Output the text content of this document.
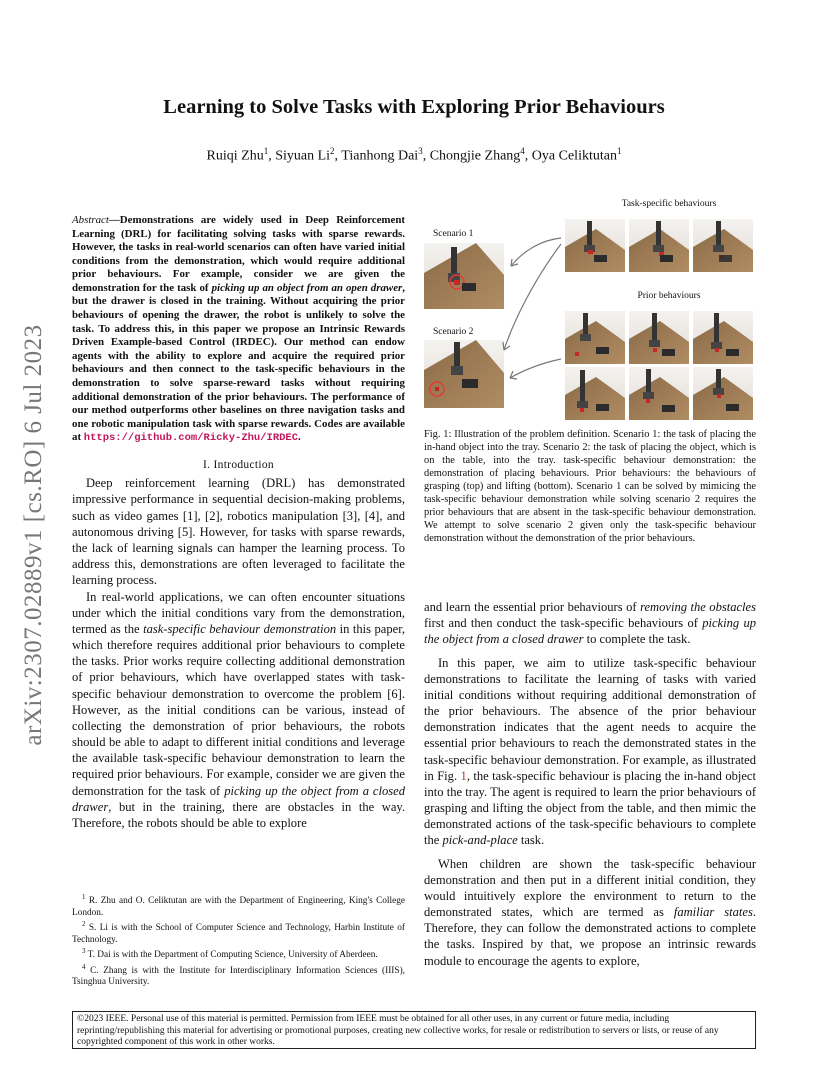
arXiv:2307.02889v1 [cs.RO] 6 Jul 2023
Learning to Solve Tasks with Exploring Prior Behaviours
Ruiqi Zhu$^1$, Siyuan Li$^2$, Tianhong Dai$^3$, Chongjie Zhang$^4$, Oya Celiktutan$^1$

Abstract—Demonstrations are widely used in Deep Reinforcement Learning (DRL) for facilitating solving tasks with sparse rewards. However, the tasks in real-world scenarios can often have varied initial conditions from the demonstration, which would require additional prior behaviours. For example, consider we are given the demonstration for the task of picking up an object from an open drawer, but the drawer is closed in the training. Without acquiring the prior behaviours of opening the drawer, the robot is unlikely to solve the task. To address this, in this paper we propose an Intrinsic Rewards Driven Example-based Control (IRDEC). Our method can endow agents with the ability to explore and acquire the required prior behaviours and then connect to the task-specific behaviours in the demonstration to solve sparse-reward tasks without requiring additional demonstration of the prior behaviours. The performance of our method outperforms other baselines on three navigation tasks and one robotic manipulation task with sparse rewards. Codes are available at https://github.com/Ricky-Zhu/IRDEC.

I. Introduction

Deep reinforcement learning (DRL) has demonstrated impressive performance in sequential decision-making problems, such as video games [1], [2], robotics manipulation [3], [4], and autonomous driving [5]. However, for tasks with sparse rewards, the lack of learning signals can hamper the learning process. To address this, demonstrations are often leveraged to facilitate the learning process.

In real-world applications, we can often encounter situations under which the initial conditions vary from the demonstration, termed as the task-specific behaviour demonstration in this paper, which therefore requires additional prior behaviours to complete the tasks. Prior works require collecting additional demonstration of prior behaviours, which have overlapped states with task-specific behaviour demonstration to overcome the problem [6]. However, as the initial conditions can be various, instead of collecting the demonstration of prior behaviours, the robots should be able to adapt to different initial conditions and leverage the available task-specific behaviour demonstration to learn the required prior behaviours. For example, consider we are given the demonstration for the task of picking up the object from a closed drawer, but in the training, there are obstacles in the way. Therefore, the robots should be able to explore

$^1$ R. Zhu and O. Celiktutan are with the Department of Engineering, King's College London.
$^2$ S. Li is with the School of Computer Science and Technology, Harbin Institute of Technology.
$^3$ T. Dai is with the Department of Computing Science, University of Aberdeen.
$^4$ C. Zhang is with the Institute for Interdisciplinary Information Sciences (IIIS), Tsinghua University.
Task-specific behaviours
Prior behaviours
Scenario 1
Scenario 2
Fig. 1: Illustration of the problem definition. Scenario 1: the task of placing the in-hand object into the tray. Scenario 2: the task of placing the object, which is on the table, into the tray. task-specific behaviour demonstration: the demonstration of placing behaviours. Prior behaviours: the behaviours of grasping (top) and lifting (bottom). Scenario 1 can be solved by mimicing the task-specific behaviour demonstration while solving scenario 2 requires the prior behaviours that are absent in the task-specific behaviour demonstration. We attempt to solve scenario 2 given only the task-specific behaviour demonstration without the demonstration of the prior behaviours.

and learn the essential prior behaviours of removing the obstacles first and then conduct the task-specific behaviours of picking up the object from a closed drawer to complete the task.

In this paper, we aim to utilize task-specific behaviour demonstrations to facilitate the learning of tasks with varied initial conditions without requiring additional demonstration of the prior behaviours. The absence of the prior behaviour demonstration indicates that the agent needs to acquire the essential prior behaviours to reach the demonstrated states in the task-specific behaviour demonstration. For example, as illustrated in Fig. 1, the task-specific behaviour is placing the in-hand object into the tray. The agent is required to learn the prior behaviours of grasping and lifting the object from the table, and then mimic the demonstrated actions of the task-specific behaviours to complete the pick-and-place task.

When children are shown the task-specific behaviour demonstration and then put in a different initial condition, they would intuitively explore the environment to return to the demonstrated states, which are termed as familiar states. Therefore, they can follow the demonstrated actions to complete the tasks. Inspired by that, we propose an intrinsic rewards module to encourage the agents to explore,

©2023 IEEE. Personal use of this material is permitted. Permission from IEEE must be obtained for all other uses, in any current or future media, including reprinting/republishing this material for advertising or promotional purposes, creating new collective works, for resale or redistribution to servers or lists, or reuse of any copyrighted component of this work in other works.
